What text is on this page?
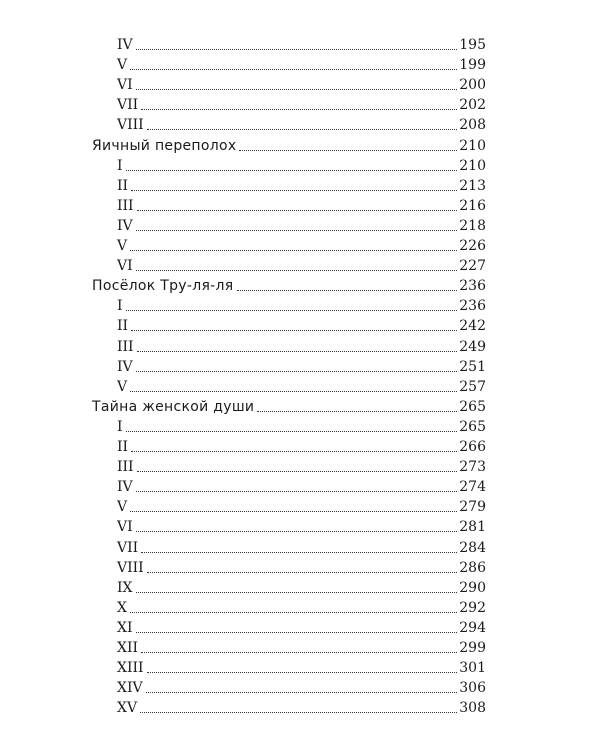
IV	195
V	199
VI	200
VII	202
VIII	208
Яичный переполох	210
I	210
II	213
III	216
IV	218
V	226
VI	227
Посёлок Тру-ля-ля	236
I	236
II	242
III	249
IV	251
V	257
Тайна женской души	265
I	265
II	266
III	273
IV	274
V	279
VI	281
VII	284
VIII	286
IX	290
X	292
XI	294
XII	299
XIII	301
XIV	306
XV	308
